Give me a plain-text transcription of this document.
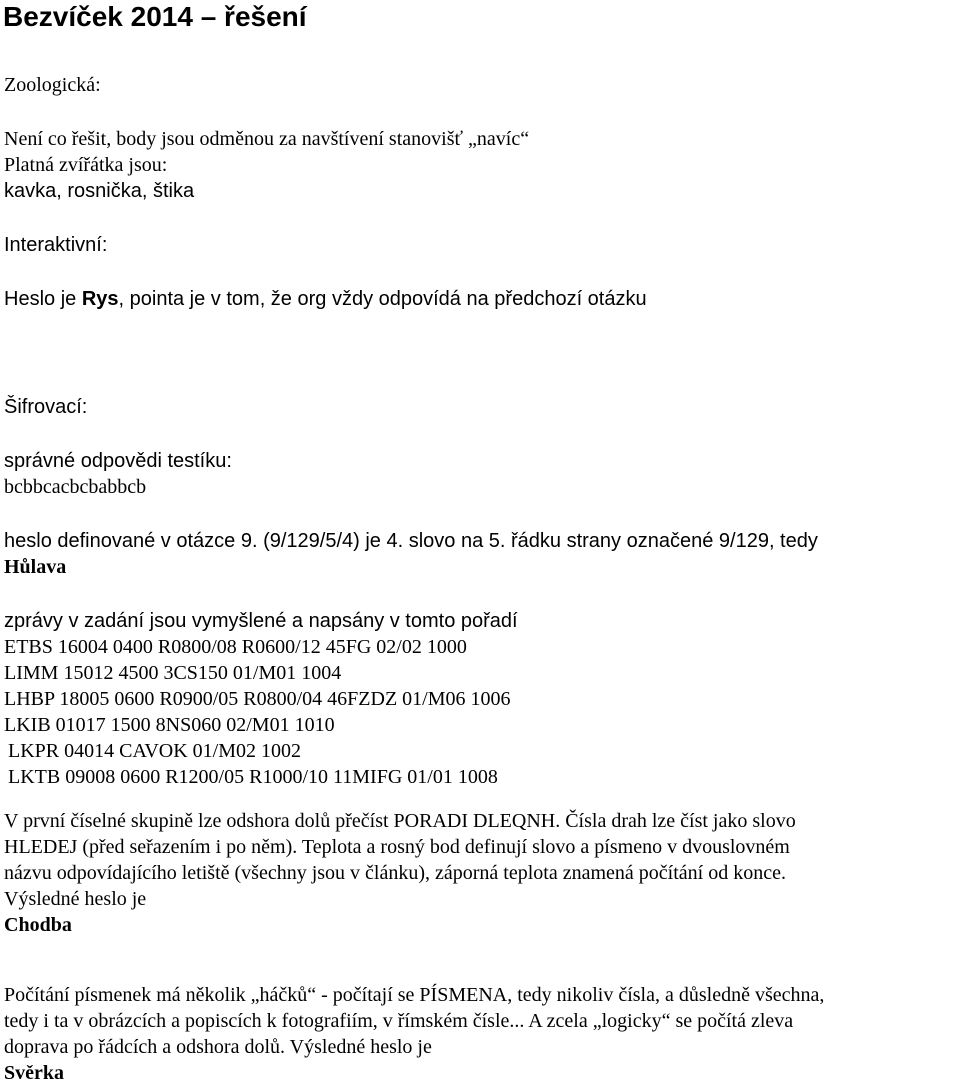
Bezvíček 2014 – řešení
Zoologická:
Není co řešit, body jsou odměnou za navštívení stanovišť „navíc“
Platná zvířátka jsou:
kavka, rosnička, štika
Interaktivní:
Heslo je Rys, pointa je v tom, že org vždy odpovídá na předchozí otázku
Šifrovací:
správné odpovědi testíku:
bcbbcacbcbabbcb
heslo definované v otázce 9. (9/129/5/4) je 4. slovo na 5. řádku strany označené 9/129, tedy
Hůlava
zprávy v zadání jsou vymyšlené a napsány v tomto pořadí
ETBS 16004 0400 R0800/08 R0600/12 45FG 02/02 1000
LIMM 15012 4500 3CS150 01/M01 1004
LHBP 18005 0600 R0900/05 R0800/04 46FZDZ 01/M06 1006
LKIB 01017 1500 8NS060 02/M01 1010
LKPR 04014 CAVOK 01/M02 1002
LKTB 09008 0600 R1200/05 R1000/10 11MIFG 01/01 1008
V první číselné skupině lze odshora dolů přečíst PORADI DLEQNH. Čísla drah lze číst jako slovo
HLEDEJ (před seřazením i po něm). Teplota a rosný bod definují slovo a písmeno v dvouslovném
názvu odpovídajícího letiště (všechny jsou v článku), záporná teplota znamená počítání od konce.
Výsledné heslo je
Chodba
Počítání písmenek má několik „háčků“ - počítají se PÍSMENA, tedy nikoliv čísla, a důsledně všechna,
tedy i ta v obrázcích a popiscích k fotografiím, v římském čísle... A zcela „logicky“ se počítá zleva
doprava po řádcích a odshora dolů. Výsledné heslo je
Svěrka
